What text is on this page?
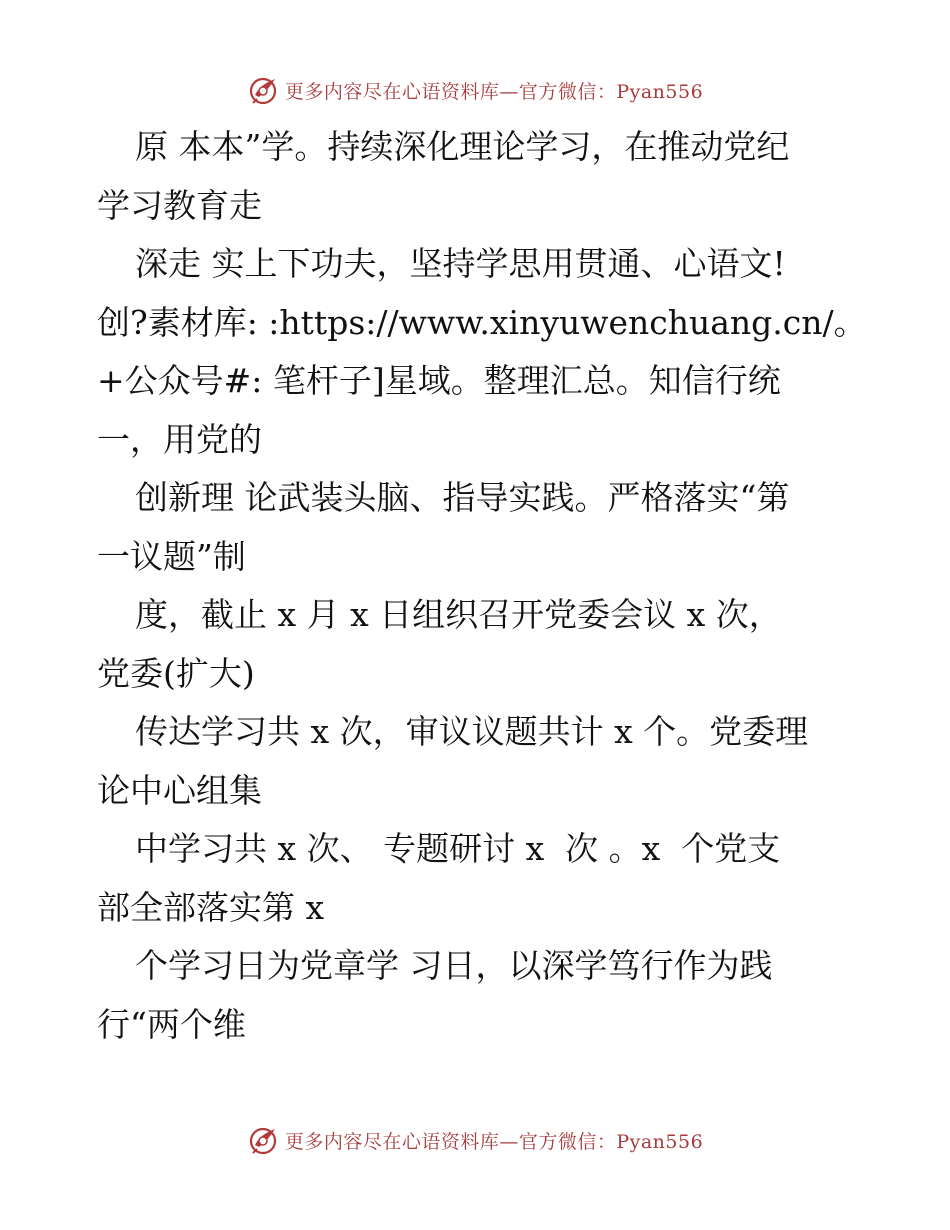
更多内容尽在心语资料库—官方微信：Pyan556
原 本本”学。持续深化理论学习，在推动党纪
学习教育走
深走 实上下功夫，坚持学思用贯通、心语文!
创?素材库: :https://www.xinyuwenchuang.cn/。
+公众号#: 笔杆子]星域。整理汇总。知信行统
一，用党的
创新理 论武装头脑、指导实践。严格落实“第
一议题”制
度，截止 x 月 x 日组织召开党委会议 x 次，
党委(扩大)
传达学习共 x 次，审议议题共计 x 个。党委理
论中心组集
中学习共 x 次、 专题研讨 x  次 。x  个党支
部全部落实第 x
个学习日为党章学 习日，以深学笃行作为践
行“两个维
更多内容尽在心语资料库—官方微信：Pyan556
